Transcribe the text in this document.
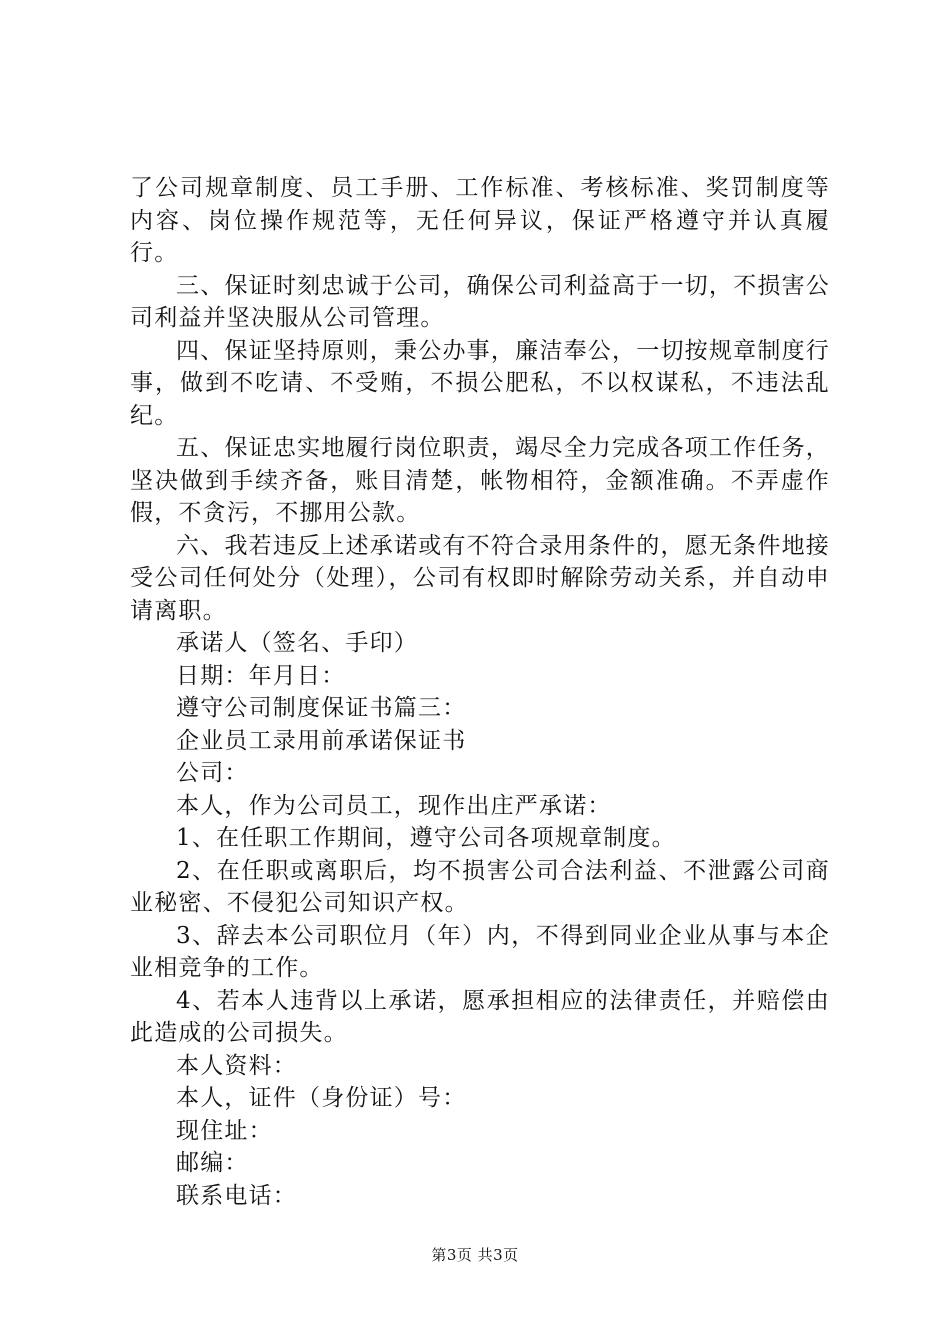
了公司规章制度、员工手册、工作标准、考核标准、奖罚制度等内容、岗位操作规范等，无任何异议，保证严格遵守并认真履行。

三、保证时刻忠诚于公司，确保公司利益高于一切，不损害公司利益并坚决服从公司管理。

四、保证坚持原则，秉公办事，廉洁奉公，一切按规章制度行事，做到不吃请、不受贿，不损公肥私，不以权谋私，不违法乱纪。

五、保证忠实地履行岗位职责，竭尽全力完成各项工作任务，坚决做到手续齐备，账目清楚，帐物相符，金额准确。不弄虚作假，不贪污，不挪用公款。

六、我若违反上述承诺或有不符合录用条件的，愿无条件地接受公司任何处分（处理），公司有权即时解除劳动关系，并自动申请离职。

承诺人（签名、手印）

日期：年月日：

遵守公司制度保证书篇三：

企业员工录用前承诺保证书

公司：

本人，作为公司员工，现作出庄严承诺：

1、在任职工作期间，遵守公司各项规章制度。

2、在任职或离职后，均不损害公司合法利益、不泄露公司商业秘密、不侵犯公司知识产权。

3、辞去本公司职位月（年）内，不得到同业企业从事与本企业相竞争的工作。

4、若本人违背以上承诺，愿承担相应的法律责任，并赔偿由此造成的公司损失。

本人资料：

本人，证件（身份证）号：

现住址：

邮编：

联系电话：

第3页 共3页
